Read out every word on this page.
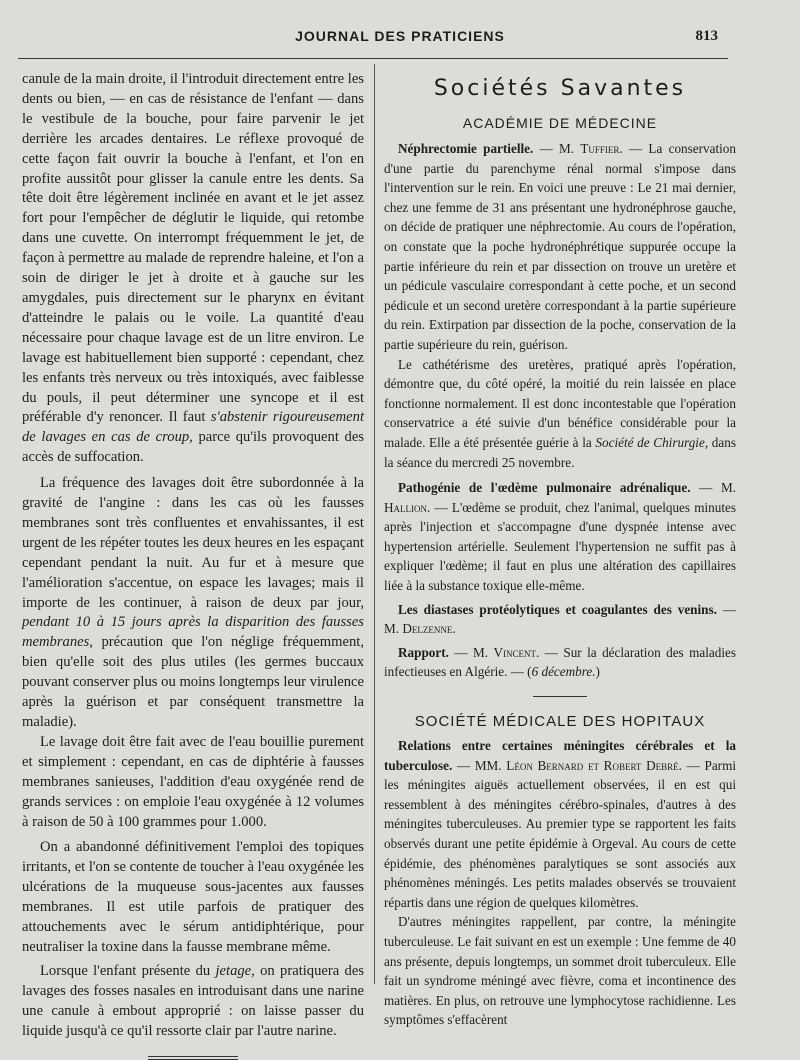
JOURNAL DES PRATICIENS	813

canule de la main droite, il l'introduit directement entre les dents ou bien, — en cas de résistance de l'enfant — dans le vestibule de la bouche, pour faire parvenir le jet derrière les arcades dentaires. Le réflexe provoqué de cette façon fait ouvrir la bouche à l'enfant, et l'on en profite aussitôt pour glisser la canule entre les dents. Sa tête doit être légèrement inclinée en avant et le jet assez fort pour l'empêcher de déglutir le liquide, qui retombe dans une cuvette. On interrompt fréquemment le jet, de façon à permettre au malade de reprendre haleine, et l'on a soin de diriger le jet à droite et à gauche sur les amygdales, puis directement sur le pharynx en évitant d'atteindre le palais ou le voile. La quantité d'eau nécessaire pour chaque lavage est de un litre environ. Le lavage est habituellement bien supporté : cependant, chez les enfants très nerveux ou très intoxiqués, avec faiblesse du pouls, il peut déterminer une syncope et il est préférable d'y renoncer. Il faut s'abstenir rigoureusement de lavages en cas de croup, parce qu'ils provoquent des accès de suffocation.

La fréquence des lavages doit être subordonnée à la gravité de l'angine : dans les cas où les fausses membranes sont très confluentes et envahissantes, il est urgent de les répéter toutes les deux heures en les espaçant cependant pendant la nuit. Au fur et à mesure que l'amélioration s'accentue, on espace les lavages; mais il importe de les continuer, à raison de deux par jour, pendant 10 à 15 jours après la disparition des fausses membranes, précaution que l'on néglige fréquemment, bien qu'elle soit des plus utiles (les germes buccaux pouvant conserver plus ou moins longtemps leur virulence après la guérison et par conséquent transmettre la maladie).

Le lavage doit être fait avec de l'eau bouillie purement et simplement : cependant, en cas de diphtérie à fausses membranes sanieuses, l'addition d'eau oxygénée rend de grands services : on emploie l'eau oxygénée à 12 volumes à raison de 50 à 100 grammes pour 1.000.

On a abandonné définitivement l'emploi des topiques irritants, et l'on se contente de toucher à l'eau oxygénée les ulcérations de la muqueuse sous-jacentes aux fausses membranes. Il est utile parfois de pratiquer des attouchements avec le sérum antidiphtérique, pour neutraliser la toxine dans la fausse membrane même.

Lorsque l'enfant présente du jetage, on pratiquera des lavages des fosses nasales en introduisant dans une narine une canule à embout approprié : on laisse passer du liquide jusqu'à ce qu'il ressorte clair par l'autre narine.

Sociétés Savantes
ACADÉMIE DE MÉDECINE

Néphrectomie partielle. — M. Tuffier. — La conservation d'une partie du parenchyme rénal normal s'impose dans l'intervention sur le rein. En voici une preuve : Le 21 mai dernier, chez une femme de 31 ans présentant une hydronéphrose gauche, on décide de pratiquer une néphrectomie. Au cours de l'opération, on constate que la poche hydronéphrétique suppurée occupe la partie inférieure du rein et par dissection on trouve un uretère et un pédicule vasculaire correspondant à cette poche, et un second pédicule et un second uretère correspondant à la partie supérieure du rein. Extirpation par dissection de la poche, conservation de la partie supérieure du rein, guérison.

Le cathétérisme des uretères, pratiqué après l'opération, démontre que, du côté opéré, la moitié du rein laissée en place fonctionne normalement. Il est donc incontestable que l'opération conservatrice a été suivie d'un bénéfice considérable pour la malade. Elle a été présentée guérie à la Société de Chirurgie, dans la séance du mercredi 25 novembre.

Pathogénie de l'œdème pulmonaire adrénalique. — M. Hallion. — L'œdème se produit, chez l'animal, quelques minutes après l'injection et s'accompagne d'une dyspnée intense avec hypertension artérielle. Seulement l'hypertension ne suffit pas à expliquer l'œdème; il faut en plus une altération des capillaires liée à la substance toxique elle-même.

Les diastases protéolytiques et coagulantes des venins. — M. Delzenne.

Rapport. — M. Vincent. — Sur la déclaration des maladies infectieuses en Algérie. — (6 décembre.)

SOCIÉTÉ MÉDICALE DES HOPITAUX

Relations entre certaines méningites cérébrales et la tuberculose. — MM. Léon Bernard et Robert Debré. — Parmi les méningites aiguës actuellement observées, il en est qui ressemblent à des méningites cérébro-spinales, d'autres à des méningites tuberculeuses. Au premier type se rapportent les faits observés durant une petite épidémie à Orgeval. Au cours de cette épidémie, des phénomènes paralytiques se sont associés aux phénomènes méningés. Les petits malades observés se trouvaient répartis dans une région de quelques kilomètres.

D'autres méningites rappellent, par contre, la méningite tuberculeuse. Le fait suivant en est un exemple : Une femme de 40 ans présente, depuis longtemps, un sommet droit tuberculeux. Elle fait un syndrome méningé avec fièvre, coma et incontinence des matières. En plus, on retrouve une lymphocytose rachidienne. Les symptômes s'effacèrent
